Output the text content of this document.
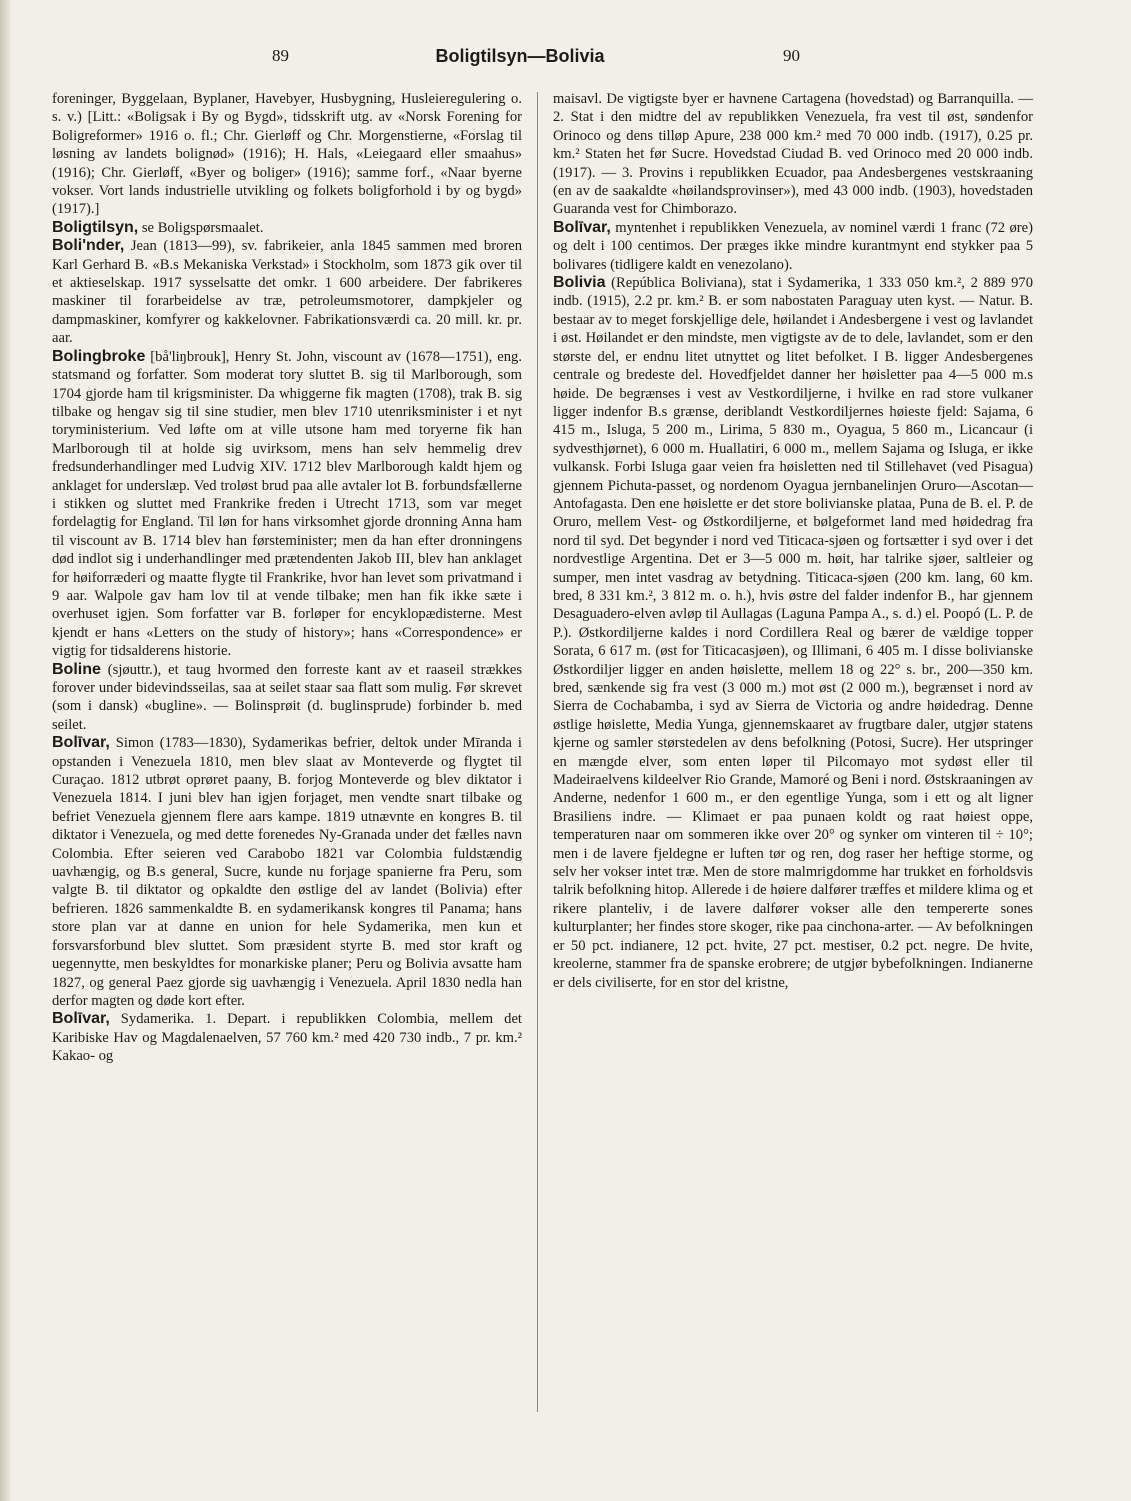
89	Boligtilsyn—Bolivia	90

foreninger, Byggelaan, Byplaner, Havebyer, Husbygning, Husleieregulering o. s. v.) [Litt.: «Boligsak i By og Bygd», tidsskrift utg. av «Norsk Forening for Boligreformer» 1916 o. fl.; Chr. Gierløff og Chr. Morgenstierne, «Forslag til løsning av landets bolignød» (1916); H. Hals, «Leiegaard eller smaahus» (1916); Chr. Gierløff, «Byer og boliger» (1916); samme forf., «Naar byerne vokser. Vort lands industrielle utvikling og folkets boligforhold i by og bygd» (1917).]

Boligtilsyn, se Boligspørsmaalet.

Boli'nder, Jean (1813—99), sv. fabrikeier, anla 1845 sammen med broren Karl Gerhard B. «B.s Mekaniska Verkstad» i Stockholm, som 1873 gik over til et aktieselskap. 1917 sysselsatte det omkr. 1 600 arbeidere. Der fabrikeres maskiner til forarbeidelse av træ, petroleumsmotorer, dampkjeler og dampmaskiner, komfyrer og kakkelovner. Fabrikationsværdi ca. 20 mill. kr. pr. aar.

Bolingbroke [bå'liŋbrouk], Henry St. John, viscount av (1678—1751), eng. statsmand og forfatter. Som moderat tory sluttet B. sig til Marlborough, som 1704 gjorde ham til krigsminister. Da whiggerne fik magten (1708), trak B. sig tilbake og hengav sig til sine studier, men blev 1710 utenriksminister i et nyt toryministerium. Ved løfte om at ville utsone ham med toryerne fik han Marlborough til at holde sig uvirksom, mens han selv hemmelig drev fredsunderhandlinger med Ludvig XIV. 1712 blev Marlborough kaldt hjem og anklaget for underslæp. Ved troløst brud paa alle avtaler lot B. forbundsfællerne i stikken og sluttet med Frankrike freden i Utrecht 1713, som var meget fordelagtig for England. Til løn for hans virksomhet gjorde dronning Anna ham til viscount av B. 1714 blev han førsteminister; men da han efter dronningens død indlot sig i underhandlinger med prætendenten Jakob III, blev han anklaget for høiforræderi og maatte flygte til Frankrike, hvor han levet som privatmand i 9 aar. Walpole gav ham lov til at vende tilbake; men han fik ikke sæte i overhuset igjen. Som forfatter var B. forløper for encyklopædisterne. Mest kjendt er hans «Letters on the study of history»; hans «Correspondence» er vigtig for tidsalderens historie.

Boline (sjøuttr.), et taug hvormed den forreste kant av et raaseil strækkes forover under bidevindsseilas, saa at seilet staar saa flatt som mulig. Før skrevet (som i dansk) «bugline». — Bolinsprøit (d. buglinsprude) forbinder b. med seilet.

Bolīvar, Simon (1783—1830), Sydamerikas befrier, deltok under Mīranda i opstanden i Venezuela 1810, men blev slaat av Monteverde og flygtet til Curaçao. 1812 utbrøt oprøret paany, B. forjog Monteverde og blev diktator i Venezuela 1814. I juni blev han igjen forjaget, men vendte snart tilbake og befriet Venezuela gjennem flere aars kampe. 1819 utnævnte en kongres B. til diktator i Venezuela, og med dette forenedes Ny-Granada under det fælles navn Colombia. Efter seieren ved Carabobo 1821 var Colombia fuldstændig uavhængig, og B.s general, Sucre, kunde nu forjage spanierne fra Peru, som valgte B. til diktator og opkaldte den østlige del av landet (Bolivia) efter befrieren. 1826 sammenkaldte B. en sydamerikansk kongres til Panama; hans store plan var at danne en union for hele Sydamerika, men kun et forsvarsforbund blev sluttet. Som præsident styrte B. med stor kraft og uegennytte, men beskyldtes for monarkiske planer; Peru og Bolivia avsatte ham 1827, og general Paez gjorde sig uavhængig i Venezuela. April 1830 nedla han derfor magten og døde kort efter.

Bolīvar, Sydamerika. 1. Depart. i republikken Colombia, mellem det Karibiske Hav og Magdalenaelven, 57 760 km.² med 420 730 indb., 7 pr. km.² Kakao- og

maisavl. De vigtigste byer er havnene Cartagena (hovedstad) og Barranquilla. — 2. Stat i den midtre del av republikken Venezuela, fra vest til øst, søndenfor Orinoco og dens tilløp Apure, 238 000 km.² med 70 000 indb. (1917), 0.25 pr. km.² Staten het før Sucre. Hovedstad Ciudad B. ved Orinoco med 20 000 indb. (1917). — 3. Provins i republikken Ecuador, paa Andesbergenes vestskraaning (en av de saakaldte «høilandsprovinser»), med 43 000 indb. (1903), hovedstaden Guaranda vest for Chimborazo.

Bolīvar, myntenhet i republikken Venezuela, av nominel værdi 1 franc (72 øre) og delt i 100 centimos. Der præges ikke mindre kurantmynt end stykker paa 5 bolivares (tidligere kaldt en venezolano).

Bolivia (República Boliviana), stat i Sydamerika, 1 333 050 km.², 2 889 970 indb. (1915), 2.2 pr. km.² B. er som nabostaten Paraguay uten kyst. — Natur. B. bestaar av to meget forskjellige dele, høilandet i Andesbergene i vest og lavlandet i øst. Høilandet er den mindste, men vigtigste av de to dele, lavlandet, som er den største del, er endnu litet utnyttet og litet befolket. I B. ligger Andesbergenes centrale og bredeste del. Hovedfjeldet danner her høisletter paa 4—5 000 m.s høide. De begrænses i vest av Vestkordiljerne, i hvilke en rad store vulkaner ligger indenfor B.s grænse, deriblandt Vestkordiljernes høieste fjeld: Sajama, 6 415 m., Isluga, 5 200 m., Lirima, 5 830 m., Oyagua, 5 860 m., Licancaur (i sydvesthjørnet), 6 000 m. Huallatiri, 6 000 m., mellem Sajama og Isluga, er ikke vulkansk. Forbi Isluga gaar veien fra høisletten ned til Stillehavet (ved Pisagua) gjennem Pichuta-passet, og nordenom Oyagua jernbanelinjen Oruro—Ascotan—Antofagasta. Den ene høislette er det store bolivianske plataa, Puna de B. el. P. de Oruro, mellem Vest- og Østkordiljerne, et bølgeformet land med høidedrag fra nord til syd. Det begynder i nord ved Titicaca-sjøen og fortsætter i syd over i det nordvestlige Argentina. Det er 3—5 000 m. høit, har talrike sjøer, saltleier og sumper, men intet vasdrag av betydning. Titicaca-sjøen (200 km. lang, 60 km. bred, 8 331 km.², 3 812 m. o. h.), hvis østre del falder indenfor B., har gjennem Desaguadero-elven avløp til Aullagas (Laguna Pampa A., s. d.) el. Poopó (L. P. de P.). Østkordiljerne kaldes i nord Cordillera Real og bærer de vældige topper Sorata, 6 617 m. (øst for Titicacasjøen), og Illimani, 6 405 m. I disse bolivianske Østkordiljer ligger en anden høislette, mellem 18 og 22° s. br., 200—350 km. bred, sænkende sig fra vest (3 000 m.) mot øst (2 000 m.), begrænset i nord av Sierra de Cochabamba, i syd av Sierra de Victoria og andre høidedrag. Denne østlige høislette, Media Yunga, gjennemskaaret av frugtbare daler, utgjør statens kjerne og samler størstedelen av dens befolkning (Potosi, Sucre). Her utspringer en mængde elver, som enten løper til Pilcomayo mot sydøst eller til Madeiraelvens kildeelver Rio Grande, Mamoré og Beni i nord. Østskraaningen av Anderne, nedenfor 1 600 m., er den egentlige Yunga, som i ett og alt ligner Brasiliens indre. — Klimaet er paa punaen koldt og raat høiest oppe, temperaturen naar om sommeren ikke over 20° og synker om vinteren til ÷ 10°; men i de lavere fjeldegne er luften tør og ren, dog raser her heftige storme, og selv her vokser intet træ. Men de store malmrigdomme har trukket en forholdsvis talrik befolkning hitop. Allerede i de høiere dalfører træffes et mildere klima og et rikere planteliv, i de lavere dalfører vokser alle den tempererte sones kulturplanter; her findes store skoger, rike paa cinchona-arter. — Av befolkningen er 50 pct. indianere, 12 pct. hvite, 27 pct. mestiser, 0.2 pct. negre. De hvite, kreolerne, stammer fra de spanske erobrere; de utgjør bybefolkningen. Indianerne er dels civiliserte, for en stor del kristne,
